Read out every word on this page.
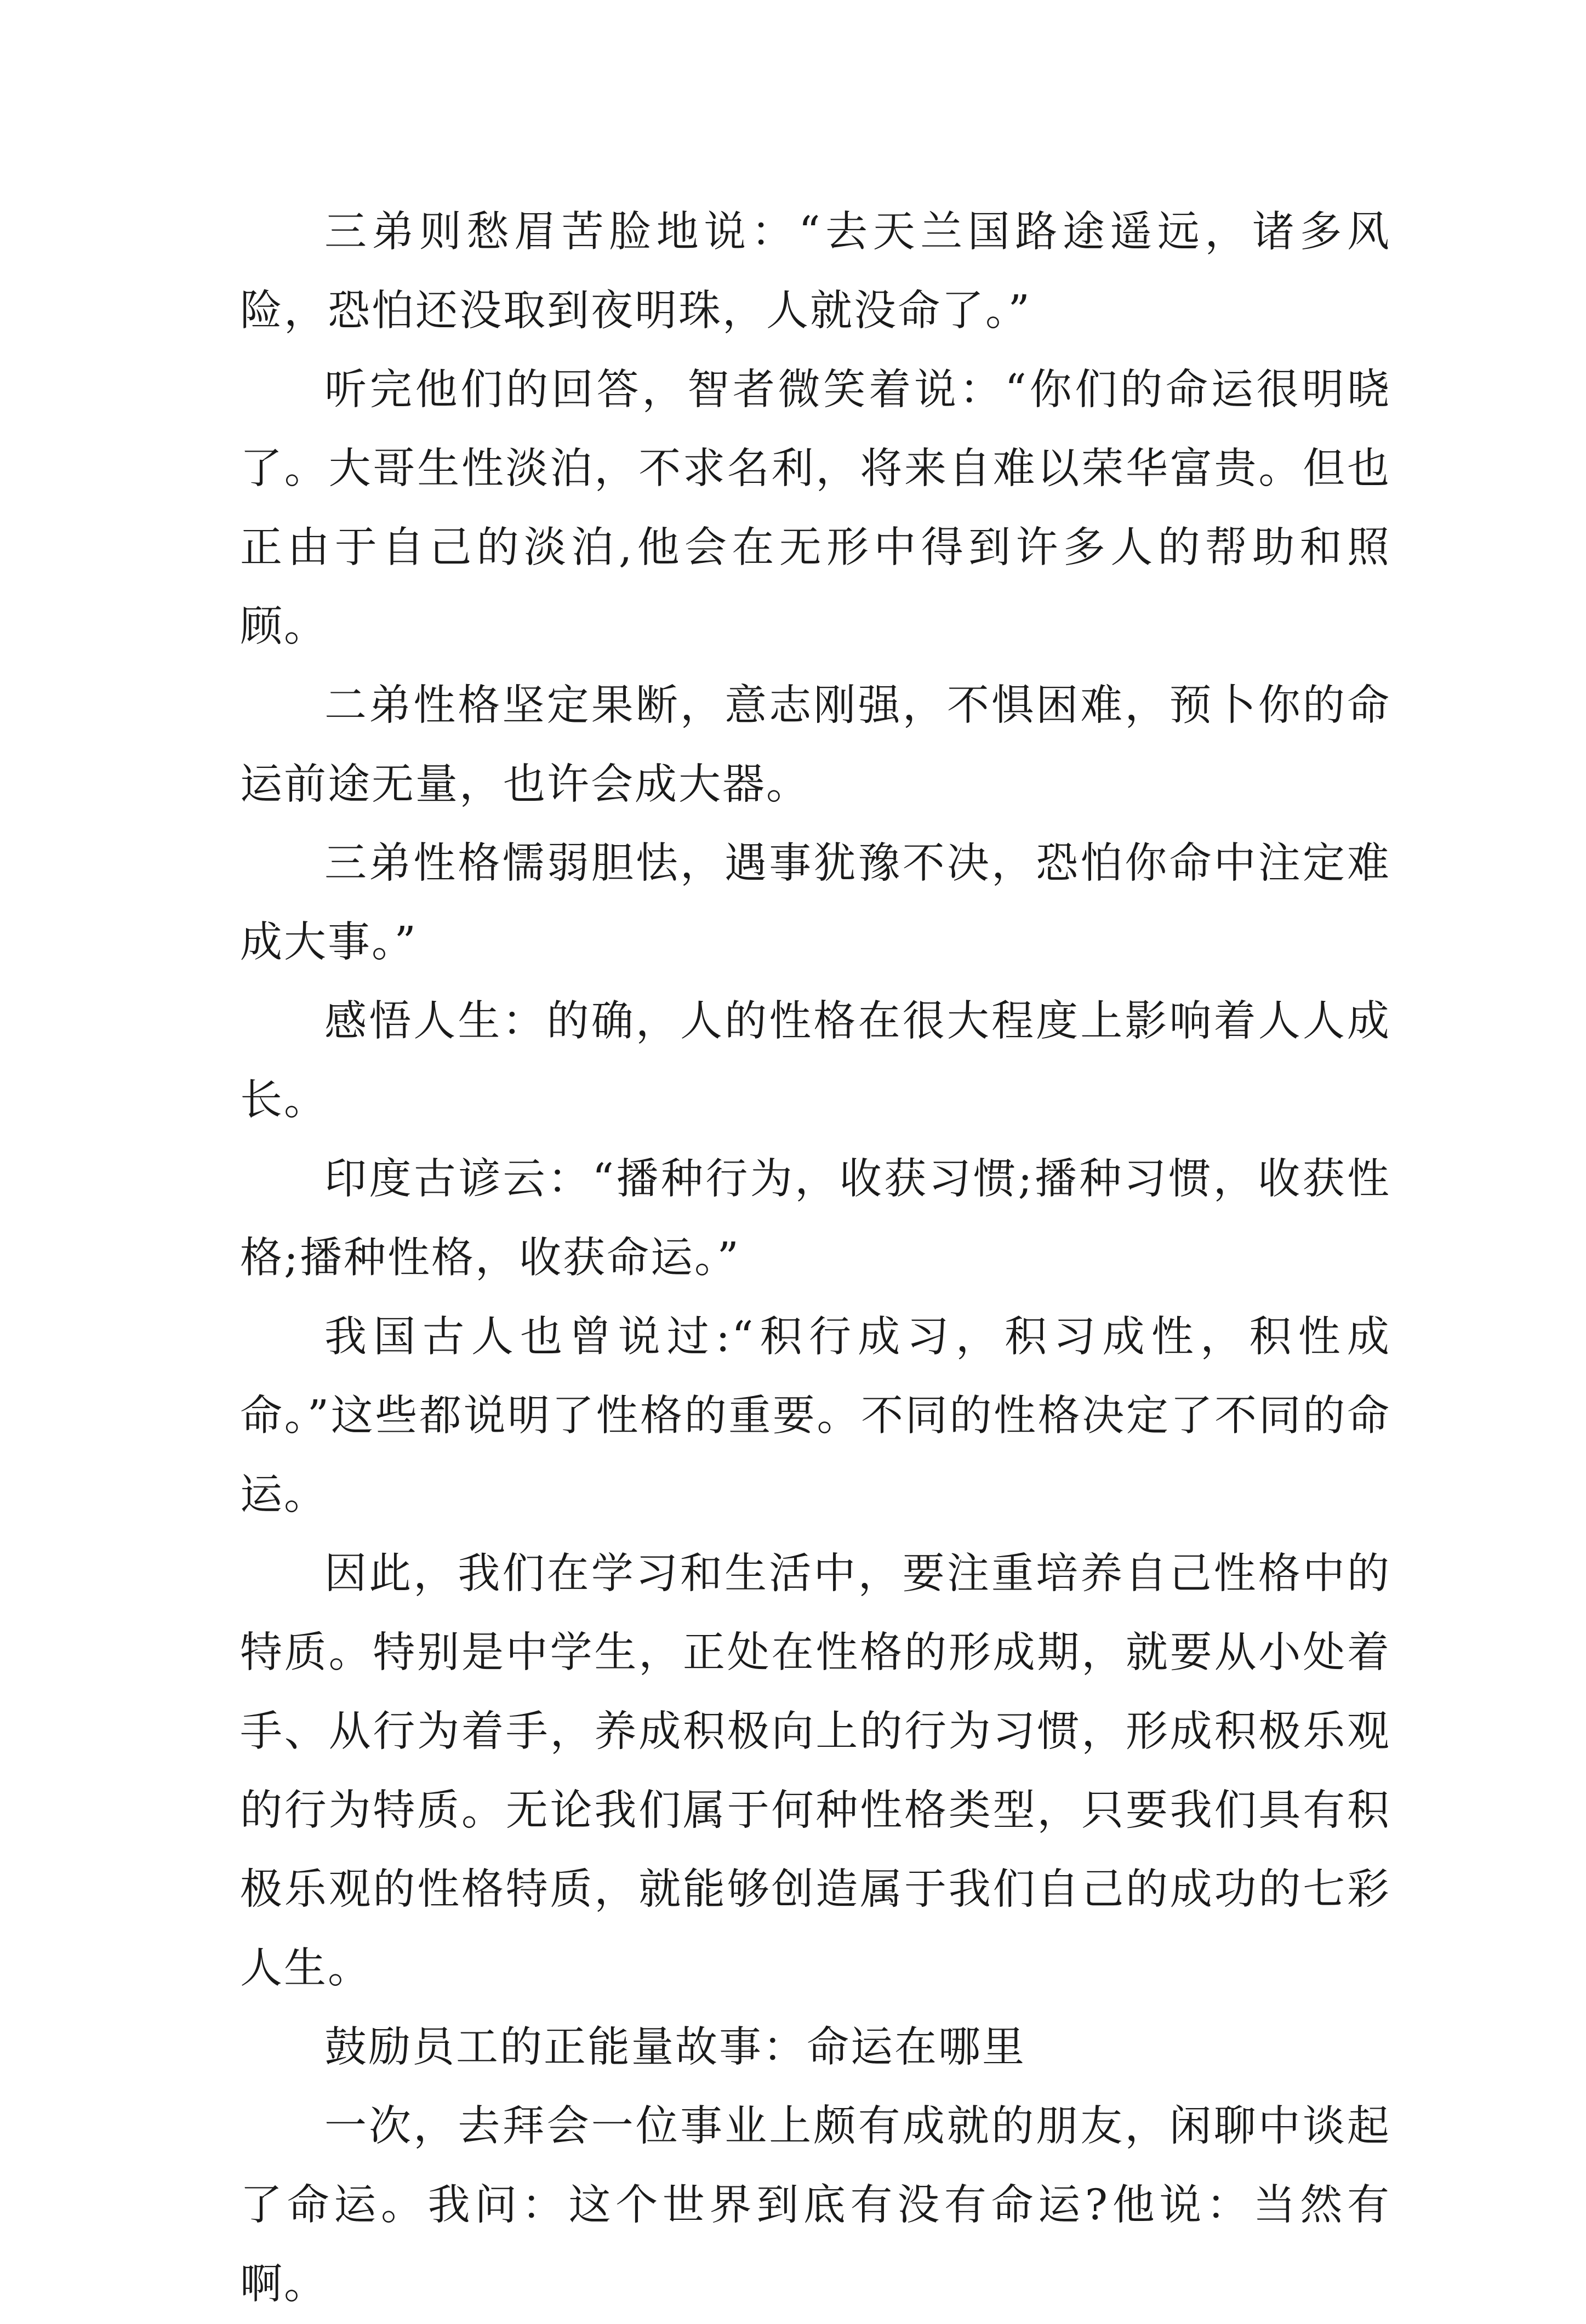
三弟则愁眉苦脸地说：“去天兰国路途遥远，诸多风险，恐怕还没取到夜明珠，人就没命了。”

听完他们的回答，智者微笑着说：“你们的命运很明晓了。大哥生性淡泊，不求名利，将来自难以荣华富贵。但也正由于自己的淡泊,他会在无形中得到许多人的帮助和照顾。

二弟性格坚定果断，意志刚强，不惧困难，预卜你的命运前途无量，也许会成大器。

三弟性格懦弱胆怯，遇事犹豫不决，恐怕你命中注定难成大事。”

感悟人生：的确，人的性格在很大程度上影响着人人成长。

印度古谚云：“播种行为，收获习惯;播种习惯，收获性格;播种性格，收获命运。”

我国古人也曾说过:“积行成习，积习成性，积性成命。”这些都说明了性格的重要。不同的性格决定了不同的命运。

因此，我们在学习和生活中，要注重培养自己性格中的特质。特别是中学生，正处在性格的形成期，就要从小处着手、从行为着手，养成积极向上的行为习惯，形成积极乐观的行为特质。无论我们属于何种性格类型，只要我们具有积极乐观的性格特质，就能够创造属于我们自己的成功的七彩人生。

鼓励员工的正能量故事：命运在哪里

一次，去拜会一位事业上颇有成就的朋友，闲聊中谈起了命运。我问：这个世界到底有没有命运?他说：当然有啊。
